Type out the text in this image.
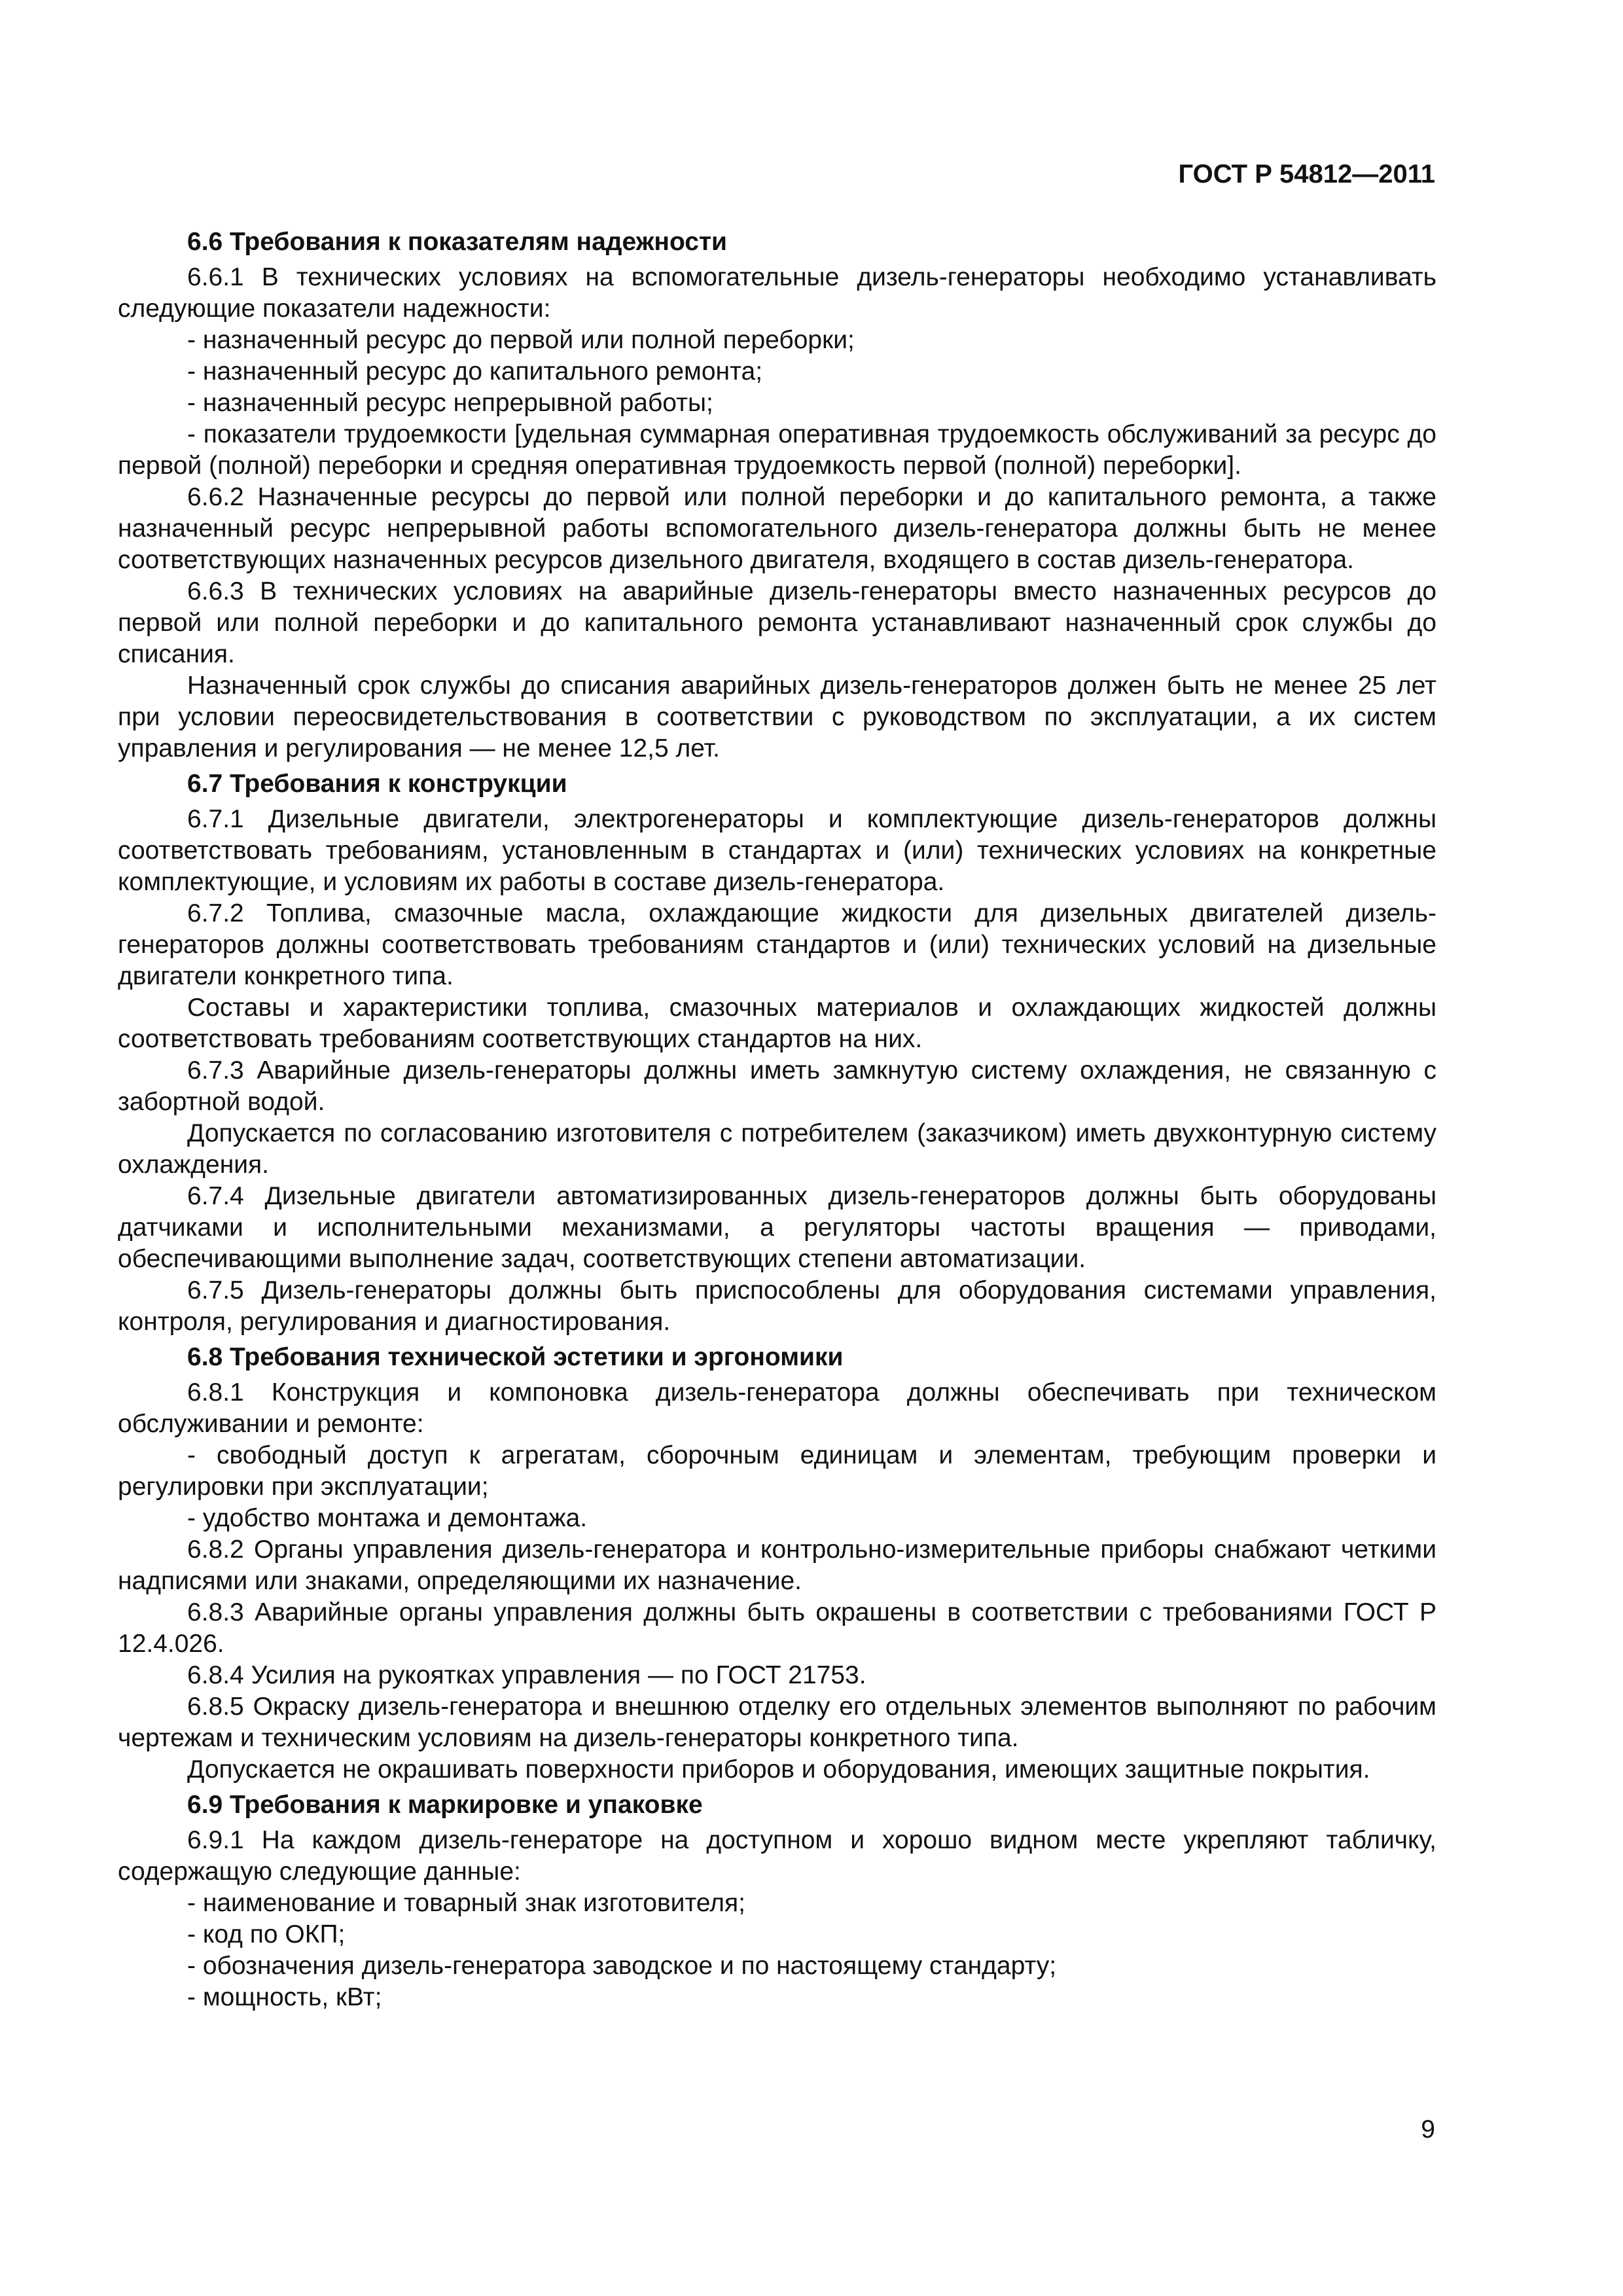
ГОСТ Р 54812—2011

6.6 Требования к показателям надежности

6.6.1 В технических условиях на вспомогательные дизель-генераторы необходимо устанавливать следующие показатели надежности:

- назначенный ресурс до первой или полной переборки;

- назначенный ресурс до капитального ремонта;

- назначенный ресурс непрерывной работы;

- показатели трудоемкости [удельная суммарная оперативная трудоемкость обслуживаний за ресурс до первой (полной) переборки и средняя оперативная трудоемкость первой (полной) переборки].

6.6.2 Назначенные ресурсы до первой или полной переборки и до капитального ремонта, а также назначенный ресурс непрерывной работы вспомогательного дизель-генератора должны быть не менее соответствующих назначенных ресурсов дизельного двигателя, входящего в состав дизель-генератора.

6.6.3 В технических условиях на аварийные дизель-генераторы вместо назначенных ресурсов до первой или полной переборки и до капитального ремонта устанавливают назначенный срок службы до списания.

Назначенный срок службы до списания аварийных дизель-генераторов должен быть не менее 25 лет при условии переосвидетельствования в соответствии с руководством по эксплуатации, а их систем управления и регулирования — не менее 12,5 лет.

6.7 Требования к конструкции

6.7.1 Дизельные двигатели, электрогенераторы и комплектующие дизель-генераторов должны соответствовать требованиям, установленным в стандартах и (или) технических условиях на конкретные комплектующие, и условиям их работы в составе дизель-генератора.

6.7.2 Топлива, смазочные масла, охлаждающие жидкости для дизельных двигателей дизель-генераторов должны соответствовать требованиям стандартов и (или) технических условий на дизельные двигатели конкретного типа.

Составы и характеристики топлива, смазочных материалов и охлаждающих жидкостей должны соответствовать требованиям соответствующих стандартов на них.

6.7.3 Аварийные дизель-генераторы должны иметь замкнутую систему охлаждения, не связанную с забортной водой.

Допускается по согласованию изготовителя с потребителем (заказчиком) иметь двухконтурную систему охлаждения.

6.7.4 Дизельные двигатели автоматизированных дизель-генераторов должны быть оборудованы датчиками и исполнительными механизмами, а регуляторы частоты вращения — приводами, обеспечивающими выполнение задач, соответствующих степени автоматизации.

6.7.5 Дизель-генераторы должны быть приспособлены для оборудования системами управления, контроля, регулирования и диагностирования.

6.8 Требования технической эстетики и эргономики

6.8.1 Конструкция и компоновка дизель-генератора должны обеспечивать при техническом обслуживании и ремонте:

- свободный доступ к агрегатам, сборочным единицам и элементам, требующим проверки и регулировки при эксплуатации;

- удобство монтажа и демонтажа.

6.8.2 Органы управления дизель-генератора и контрольно-измерительные приборы снабжают четкими надписями или знаками, определяющими их назначение.

6.8.3 Аварийные органы управления должны быть окрашены в соответствии с требованиями ГОСТ Р 12.4.026.

6.8.4 Усилия на рукоятках управления — по ГОСТ 21753.

6.8.5 Окраску дизель-генератора и внешнюю отделку его отдельных элементов выполняют по рабочим чертежам и техническим условиям на дизель-генераторы конкретного типа.

Допускается не окрашивать поверхности приборов и оборудования, имеющих защитные покрытия.

6.9 Требования к маркировке и упаковке

6.9.1 На каждом дизель-генераторе на доступном и хорошо видном месте укрепляют табличку, содержащую следующие данные:

- наименование и товарный знак изготовителя;

- код по ОКП;

- обозначения дизель-генератора заводское и по настоящему стандарту;

- мощность, кВт;

9
